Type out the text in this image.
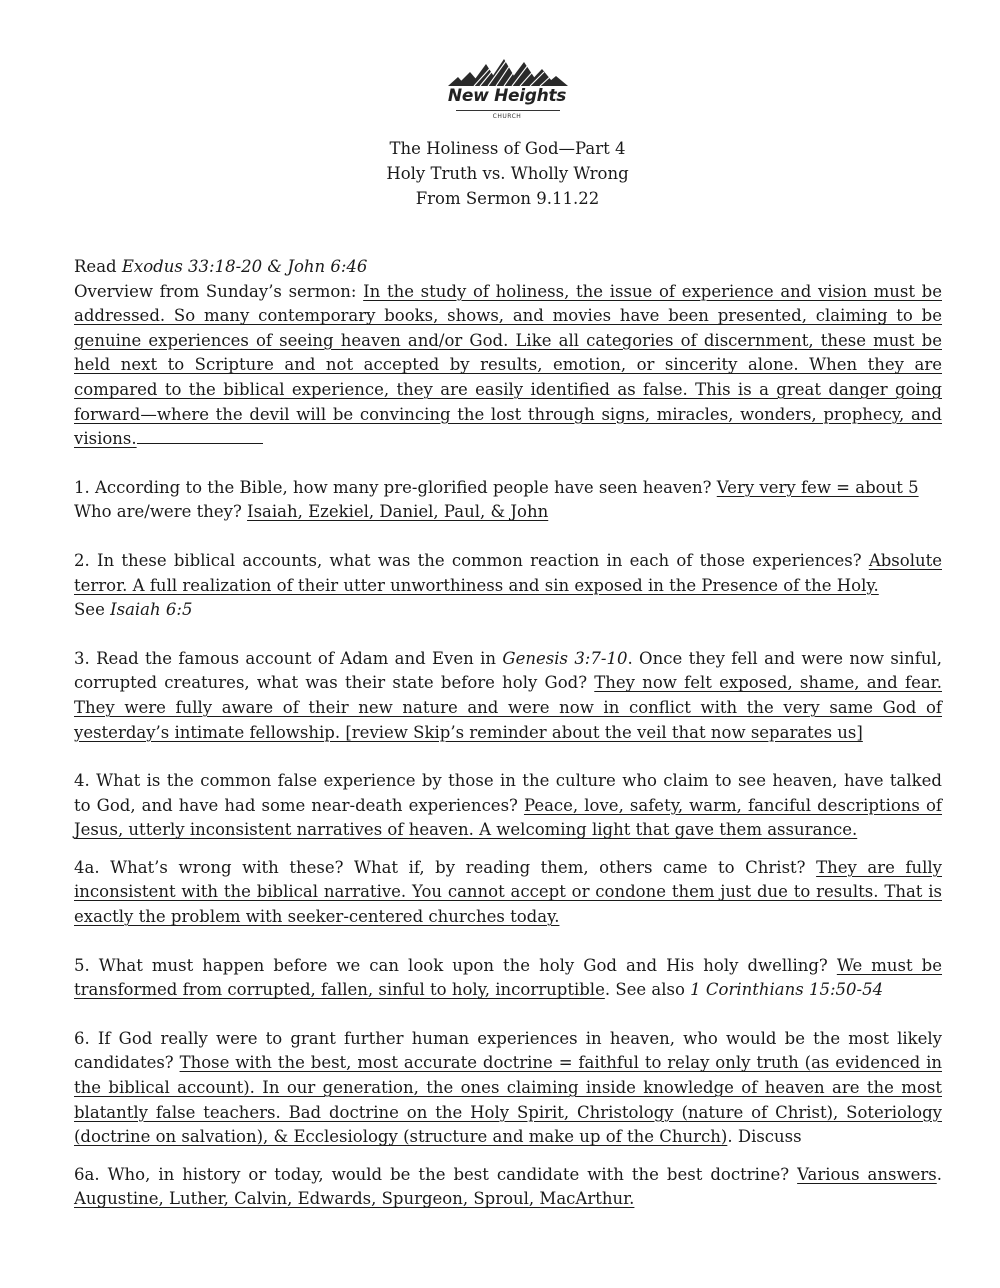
New Heights
CHURCH
The Holiness of God—Part 4
Holy Truth vs. Wholly Wrong
From Sermon 9.11.22

Read Exodus 33:18-20 & John 6:46

Overview from Sunday’s sermon: In the study of holiness, the issue of experience and vision must be addressed. So many contemporary books, shows, and movies have been presented, claiming to be genuine experiences of seeing heaven and/or God. Like all categories of discernment, these must be held next to Scripture and not accepted by results, emotion, or sincerity alone. When they are compared to the biblical experience, they are easily identified as false. This is a great danger going forward—where the devil will be convincing the lost through signs, miracles, wonders, prophecy, and visions.

1. According to the Bible, how many pre-glorified people have seen heaven? Very very few = about 5

Who are/were they? Isaiah, Ezekiel, Daniel, Paul, & John

2. In these biblical accounts, what was the common reaction in each of those experiences? Absolute terror. A full realization of their utter unworthiness and sin exposed in the Presence of the Holy.

See Isaiah 6:5

3. Read the famous account of Adam and Even in Genesis 3:7-10. Once they fell and were now sinful, corrupted creatures, what was their state before holy God? They now felt exposed, shame, and fear. They were fully aware of their new nature and were now in conflict with the very same God of yesterday’s intimate fellowship. [review Skip’s reminder about the veil that now separates us]

4. What is the common false experience by those in the culture who claim to see heaven, have talked to God, and have had some near-death experiences? Peace, love, safety, warm, fanciful descriptions of Jesus, utterly inconsistent narratives of heaven. A welcoming light that gave them assurance.

4a. What’s wrong with these? What if, by reading them, others came to Christ? They are fully inconsistent with the biblical narrative. You cannot accept or condone them just due to results. That is exactly the problem with seeker-centered churches today.

5. What must happen before we can look upon the holy God and His holy dwelling? We must be transformed from corrupted, fallen, sinful to holy, incorruptible. See also 1 Corinthians 15:50-54

6. If God really were to grant further human experiences in heaven, who would be the most likely candidates? Those with the best, most accurate doctrine = faithful to relay only truth (as evidenced in the biblical account). In our generation, the ones claiming inside knowledge of heaven are the most blatantly false teachers. Bad doctrine on the Holy Spirit, Christology (nature of Christ), Soteriology (doctrine on salvation), & Ecclesiology (structure and make up of the Church). Discuss

6a. Who, in history or today, would be the best candidate with the best doctrine? Various answers. Augustine, Luther, Calvin, Edwards, Spurgeon, Sproul, MacArthur.
